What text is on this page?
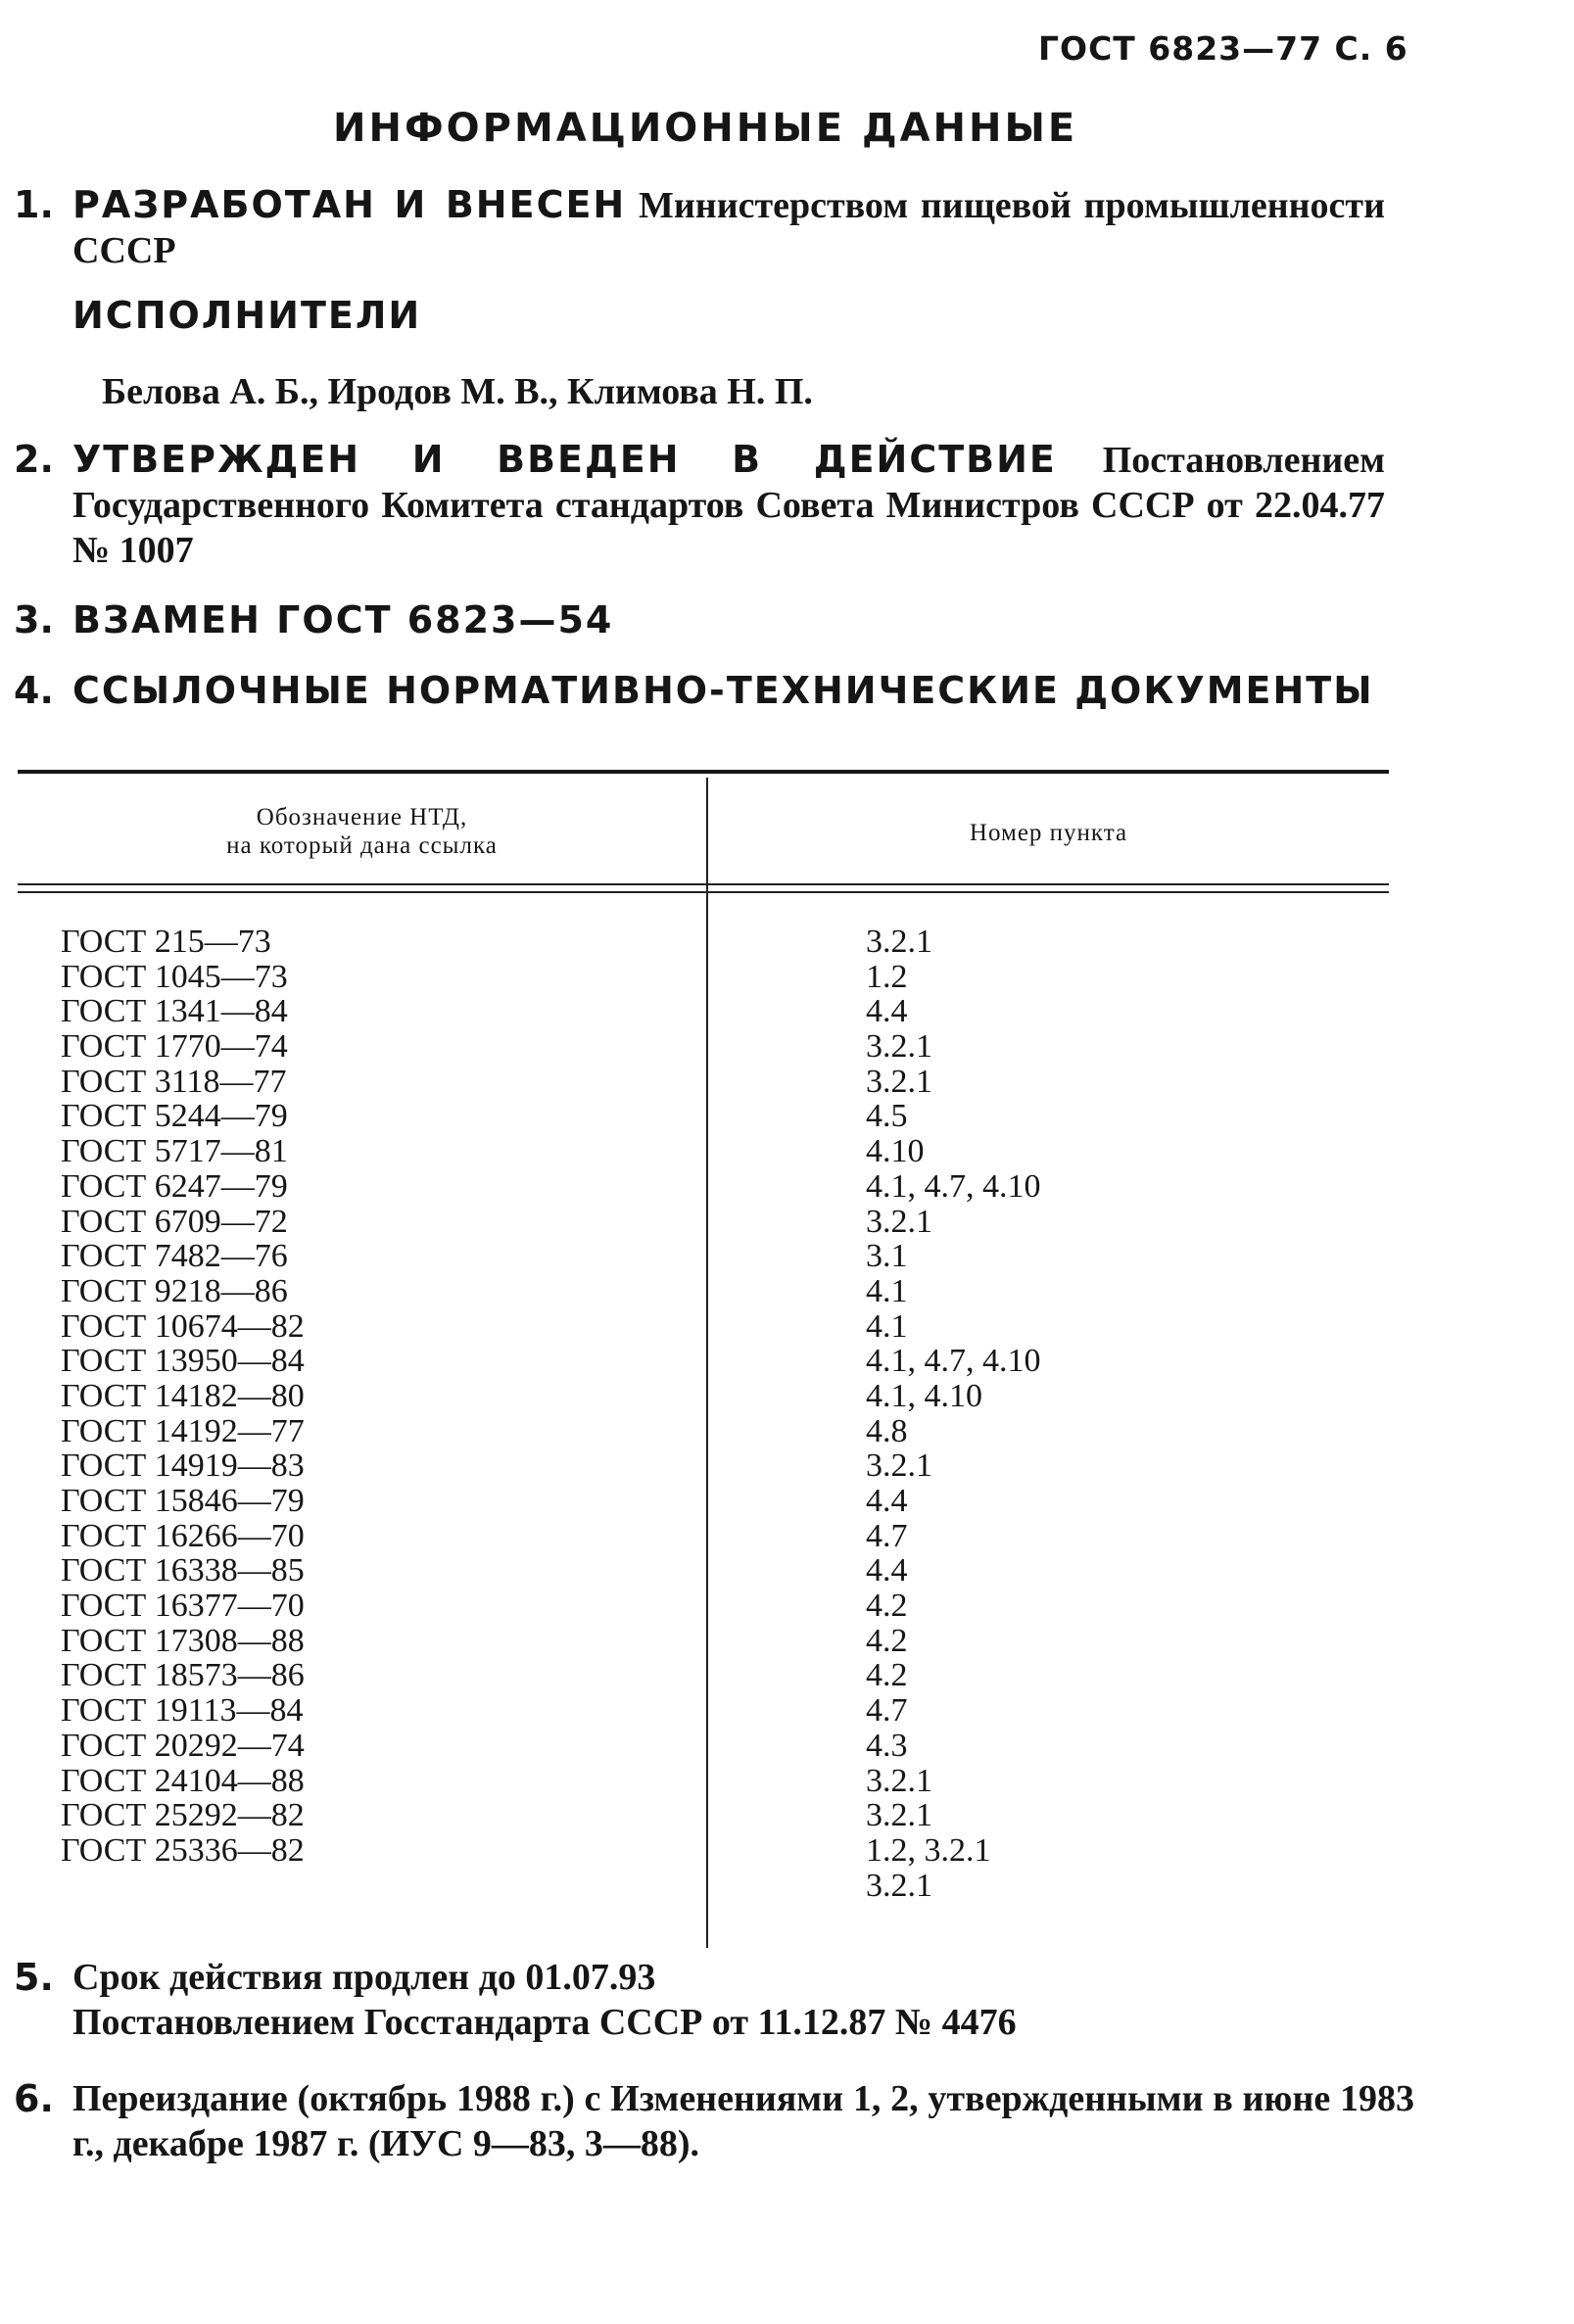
ГОСТ 6823—77 С. 6
ИНФОРМАЦИОННЫЕ ДАННЫЕ
1. РАЗРАБОТАН И ВНЕСЕН Министерством пищевой промышленности СССР
ИСПОЛНИТЕЛИ
Белова А. Б., Иродов М. В., Климова Н. П.
2. УТВЕРЖДЕН И ВВЕДЕН В ДЕЙСТВИЕ Постановлением Государственного Комитета стандартов Совета Министров СССР от 22.04.77 № 1007
3. ВЗАМЕН ГОСТ 6823—54
4. ССЫЛОЧНЫЕ НОРМАТИВНО-ТЕХНИЧЕСКИЕ ДОКУМЕНТЫ
Обозначение НТД,
на который дана ссылка	Номер пункта
ГОСТ 215—73
ГОСТ 1045—73
ГОСТ 1341—84
ГОСТ 1770—74
ГОСТ 3118—77
ГОСТ 5244—79
ГОСТ 5717—81
ГОСТ 6247—79
ГОСТ 6709—72
ГОСТ 7482—76
ГОСТ 9218—86
ГОСТ 10674—82
ГОСТ 13950—84
ГОСТ 14182—80
ГОСТ 14192—77
ГОСТ 14919—83
ГОСТ 15846—79
ГОСТ 16266—70
ГОСТ 16338—85
ГОСТ 16377—70
ГОСТ 17308—88
ГОСТ 18573—86
ГОСТ 19113—84
ГОСТ 20292—74
ГОСТ 24104—88
ГОСТ 25292—82
ГОСТ 25336—82
3.2.1
1.2
4.4
3.2.1
3.2.1
4.5
4.10
4.1, 4.7, 4.10
3.2.1
3.1
4.1
4.1
4.1, 4.7, 4.10
4.1, 4.10
4.8
3.2.1
4.4
4.7
4.4
4.2
4.2
4.2
4.7
4.3
3.2.1
3.2.1
1.2, 3.2.1
3.2.1
5. Срок действия продлен до 01.07.93
Постановлением Госстандарта СССР от 11.12.87 № 4476
6. Переиздание (октябрь 1988 г.) с Изменениями 1, 2, утвержденными в июне 1983 г., декабре 1987 г. (ИУС 9—83, 3—88).
